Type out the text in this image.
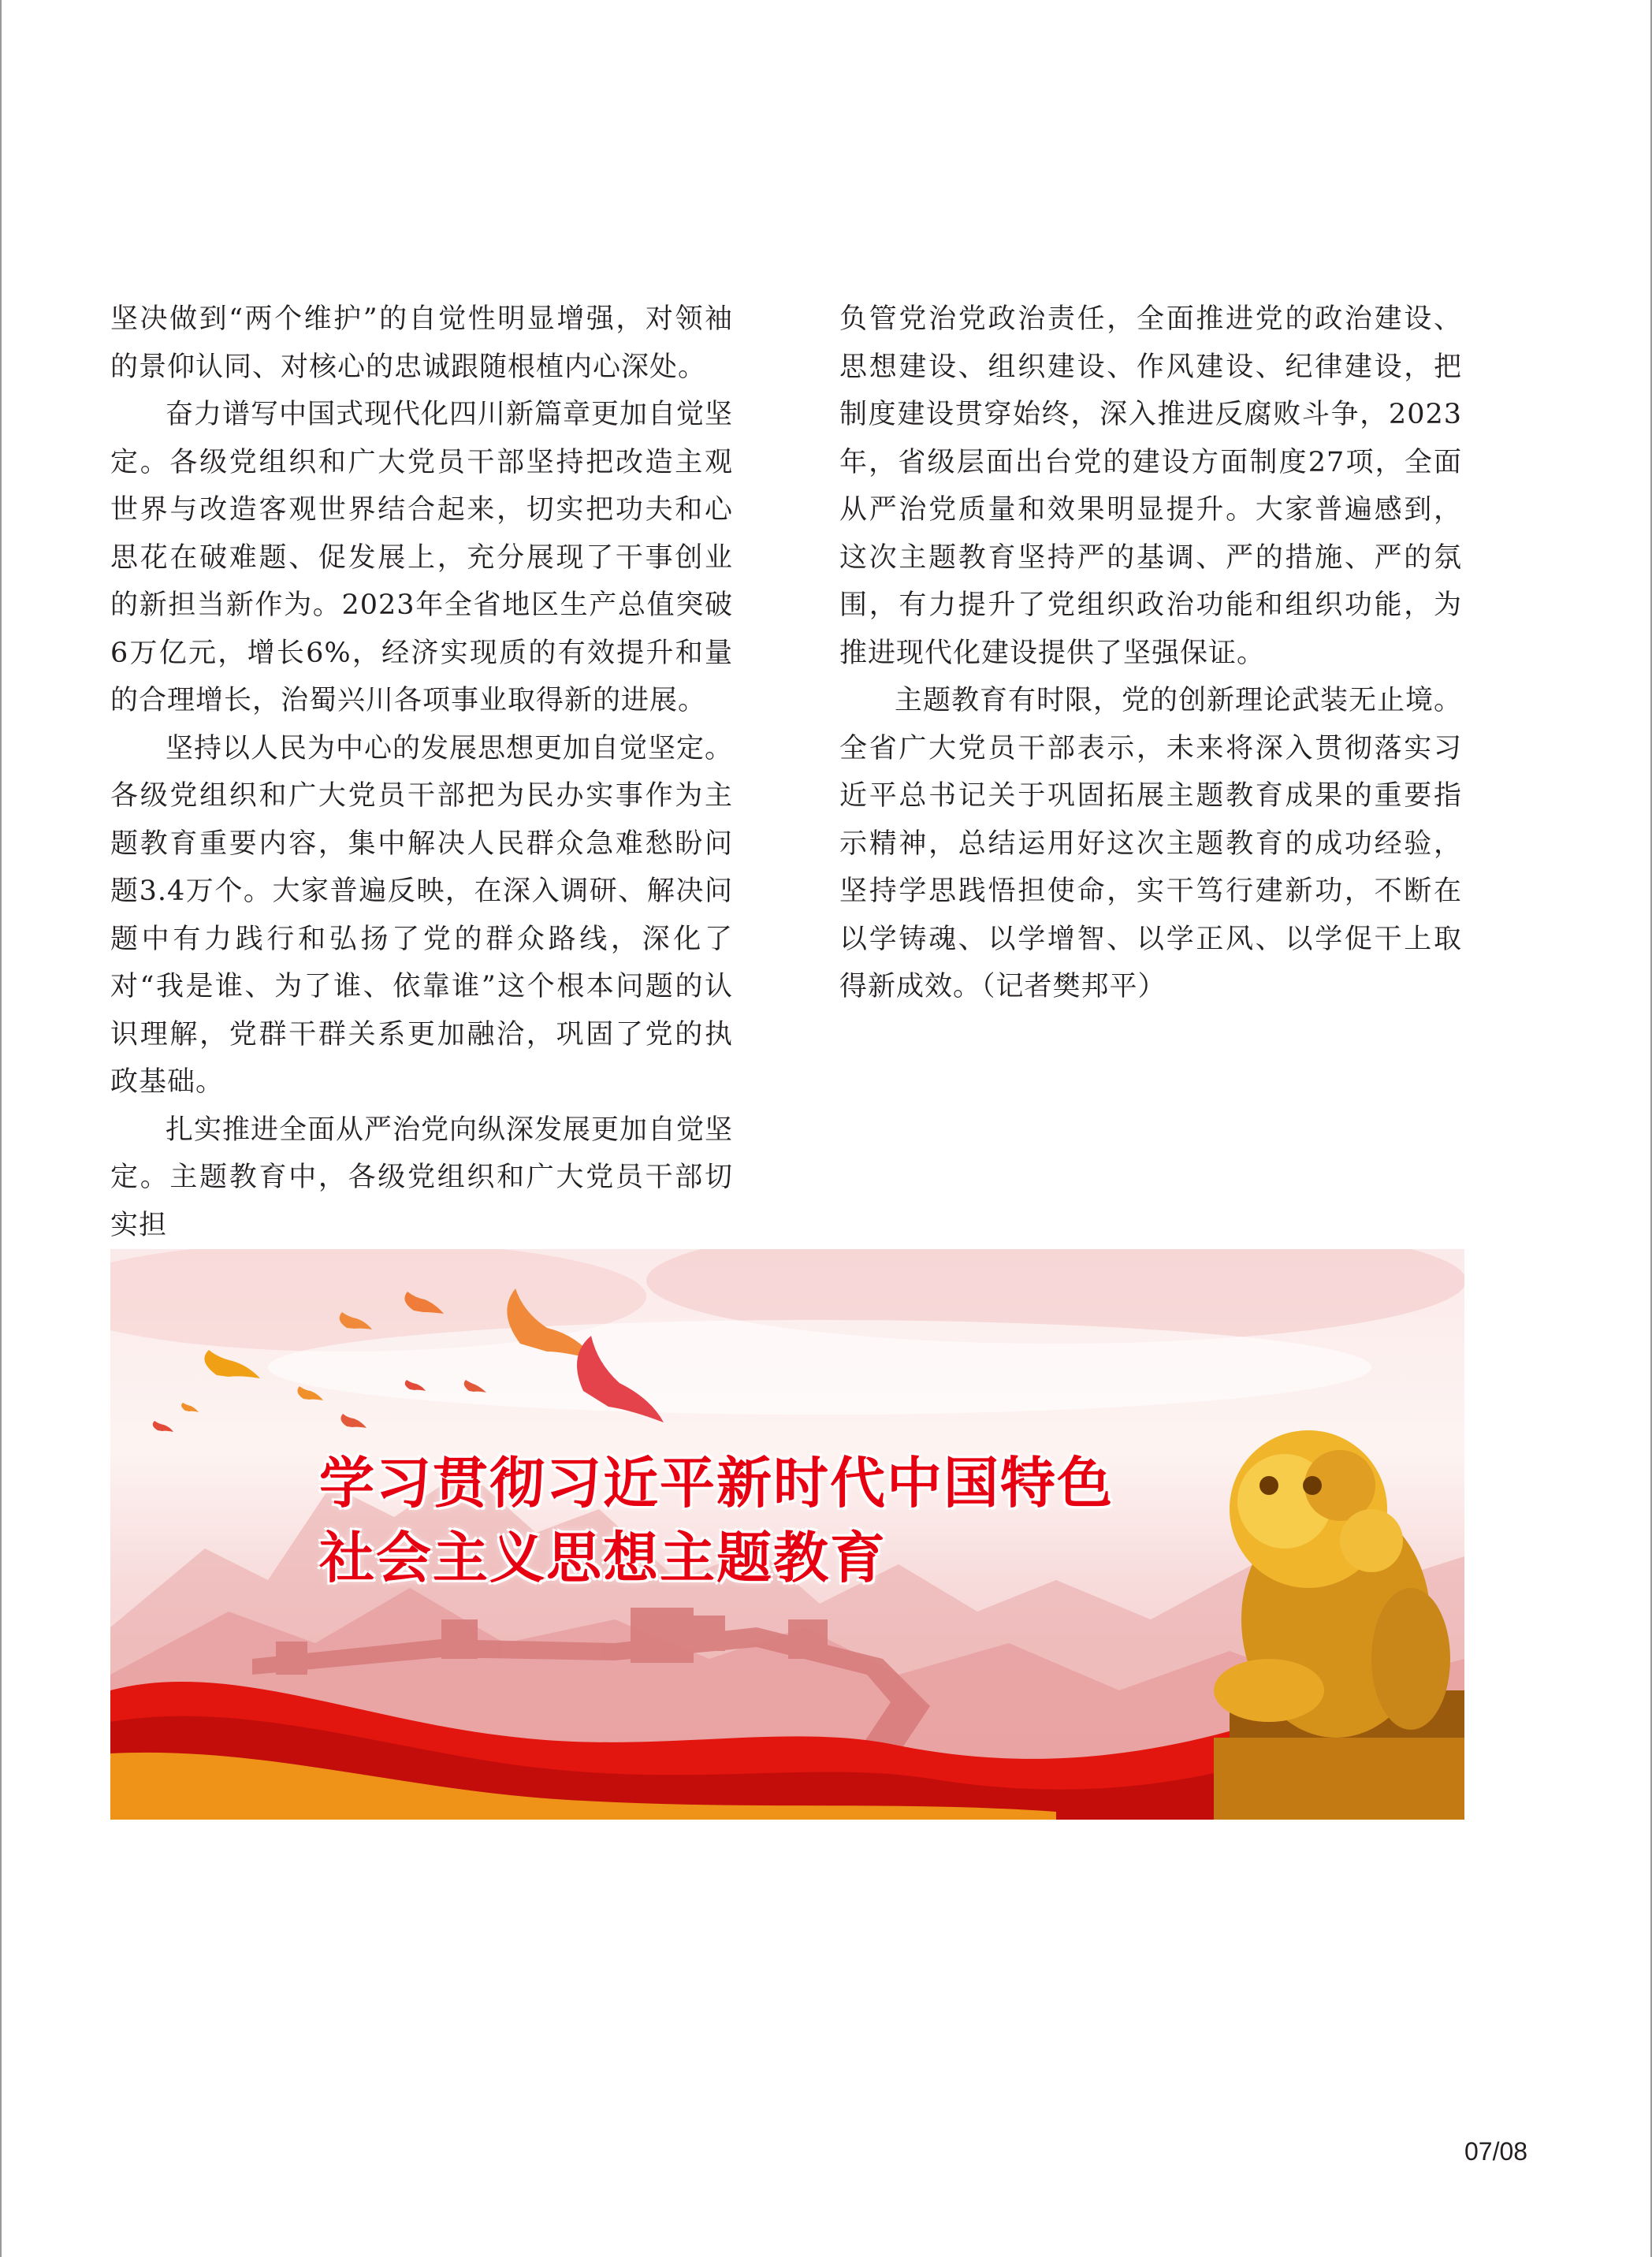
坚决做到“两个维护”的自觉性明显增强，对领袖的景仰认同、对核心的忠诚跟随根植内心深处。

奋力谱写中国式现代化四川新篇章更加自觉坚定。各级党组织和广大党员干部坚持把改造主观世界与改造客观世界结合起来，切实把功夫和心思花在破难题、促发展上，充分展现了干事创业的新担当新作为。2023年全省地区生产总值突破6万亿元，增长6%，经济实现质的有效提升和量的合理增长，治蜀兴川各项事业取得新的进展。

坚持以人民为中心的发展思想更加自觉坚定。各级党组织和广大党员干部把为民办实事作为主题教育重要内容，集中解决人民群众急难愁盼问题3.4万个。大家普遍反映，在深入调研、解决问题中有力践行和弘扬了党的群众路线，深化了对“我是谁、为了谁、依靠谁”这个根本问题的认识理解，党群干群关系更加融洽，巩固了党的执政基础。

扎实推进全面从严治党向纵深发展更加自觉坚定。主题教育中，各级党组织和广大党员干部切实担

负管党治党政治责任，全面推进党的政治建设、思想建设、组织建设、作风建设、纪律建设，把制度建设贯穿始终，深入推进反腐败斗争，2023年，省级层面出台党的建设方面制度27项，全面从严治党质量和效果明显提升。大家普遍感到，这次主题教育坚持严的基调、严的措施、严的氛围，有力提升了党组织政治功能和组织功能，为推进现代化建设提供了坚强保证。

主题教育有时限，党的创新理论武装无止境。全省广大党员干部表示，未来将深入贯彻落实习近平总书记关于巩固拓展主题教育成果的重要指示精神，总结运用好这次主题教育的成功经验，坚持学思践悟担使命，实干笃行建新功，不断在以学铸魂、以学增智、以学正风、以学促干上取得新成效。（记者樊邦平）

学习贯彻习近平新时代中国特色
社会主义思想主题教育
07/08
